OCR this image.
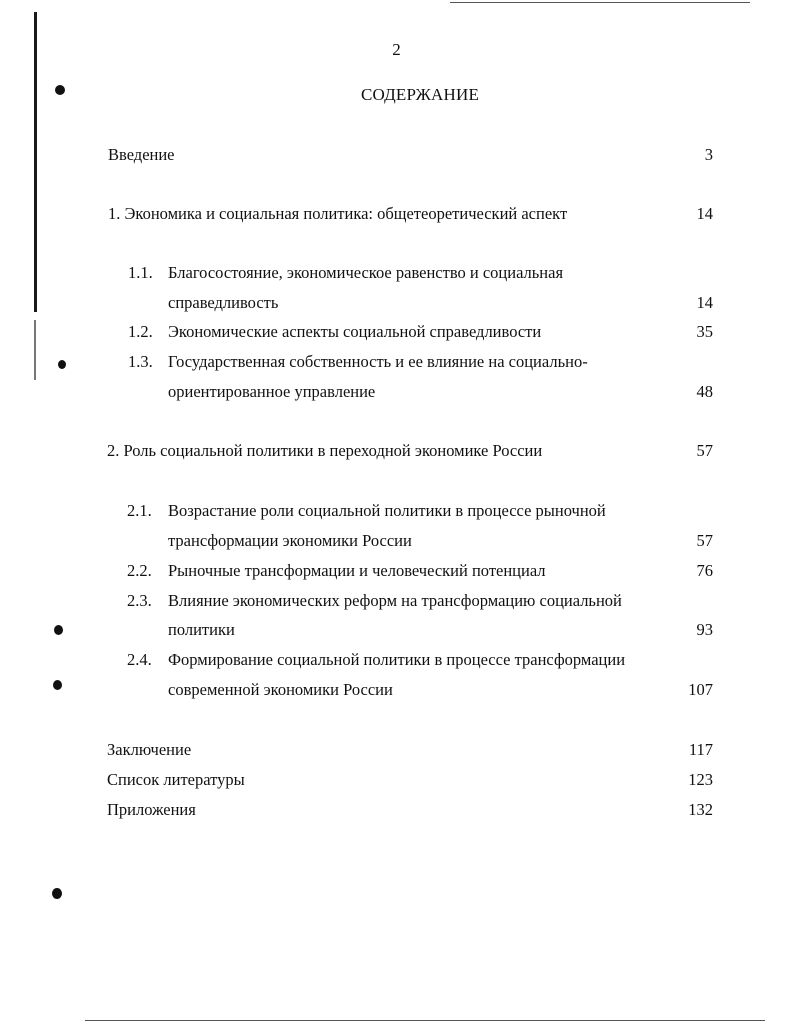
2
СОДЕРЖАНИЕ
Введение	3
1. Экономика и социальная политика: общетеоретический аспект	14
1.1. Благосостояние, экономическое равенство и социальная
справедливость	14
1.2. Экономические аспекты социальной справедливости	35
1.3. Государственная собственность и ее влияние на социально-
ориентированное управление	48
2. Роль социальной политики в переходной экономике России	57
2.1. Возрастание роли социальной политики в процессе рыночной
трансформации экономики России	57
2.2. Рыночные трансформации и человеческий потенциал	76
2.3. Влияние экономических реформ на трансформацию социальной
политики	93
2.4. Формирование социальной политики в процессе трансформации
современной экономики России	107
Заключение	117
Список литературы	123
Приложения	132
